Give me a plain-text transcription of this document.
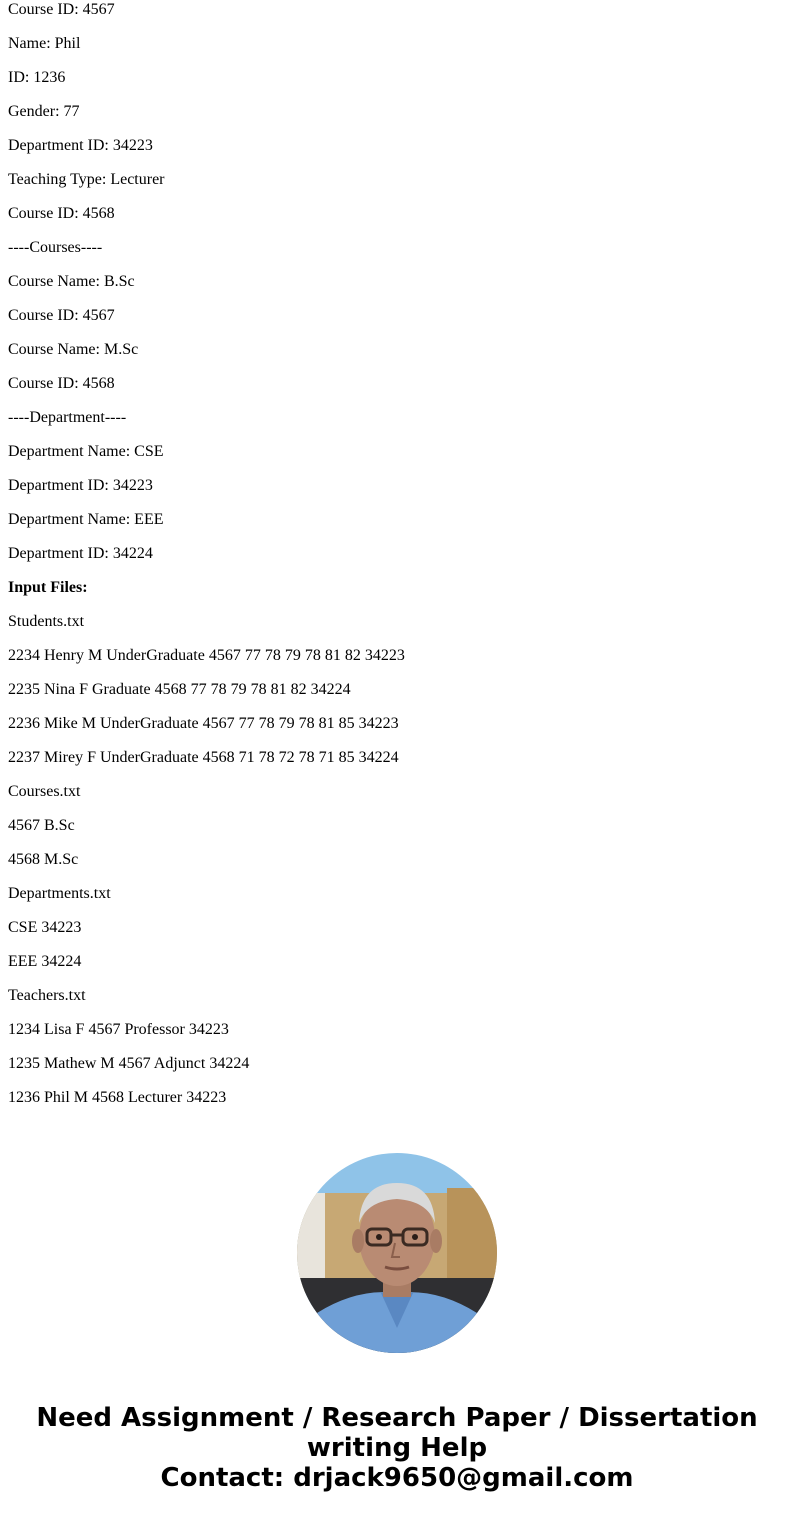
Course ID: 4567

Name: Phil

ID: 1236

Gender: 77

Department ID: 34223

Teaching Type: Lecturer

Course ID: 4568

----Courses----

Course Name: B.Sc

Course ID: 4567

Course Name: M.Sc

Course ID: 4568

----Department----

Department Name: CSE

Department ID: 34223

Department Name: EEE

Department ID: 34224

Input Files:

Students.txt

2234 Henry M UnderGraduate 4567 77 78 79 78 81 82 34223

2235 Nina F Graduate 4568 77 78 79 78 81 82 34224

2236 Mike M UnderGraduate 4567 77 78 79 78 81 85 34223

2237 Mirey F UnderGraduate 4568 71 78 72 78 71 85 34224

Courses.txt

4567 B.Sc

4568 M.Sc

Departments.txt

CSE 34223

EEE 34224

Teachers.txt

1234 Lisa F 4567 Professor 34223

1235 Mathew M 4567 Adjunct 34224

1236 Phil M 4568 Lecturer 34223

Need Assignment / Research Paper / Dissertation
writing Help
Contact: drjack9650@gmail.com
